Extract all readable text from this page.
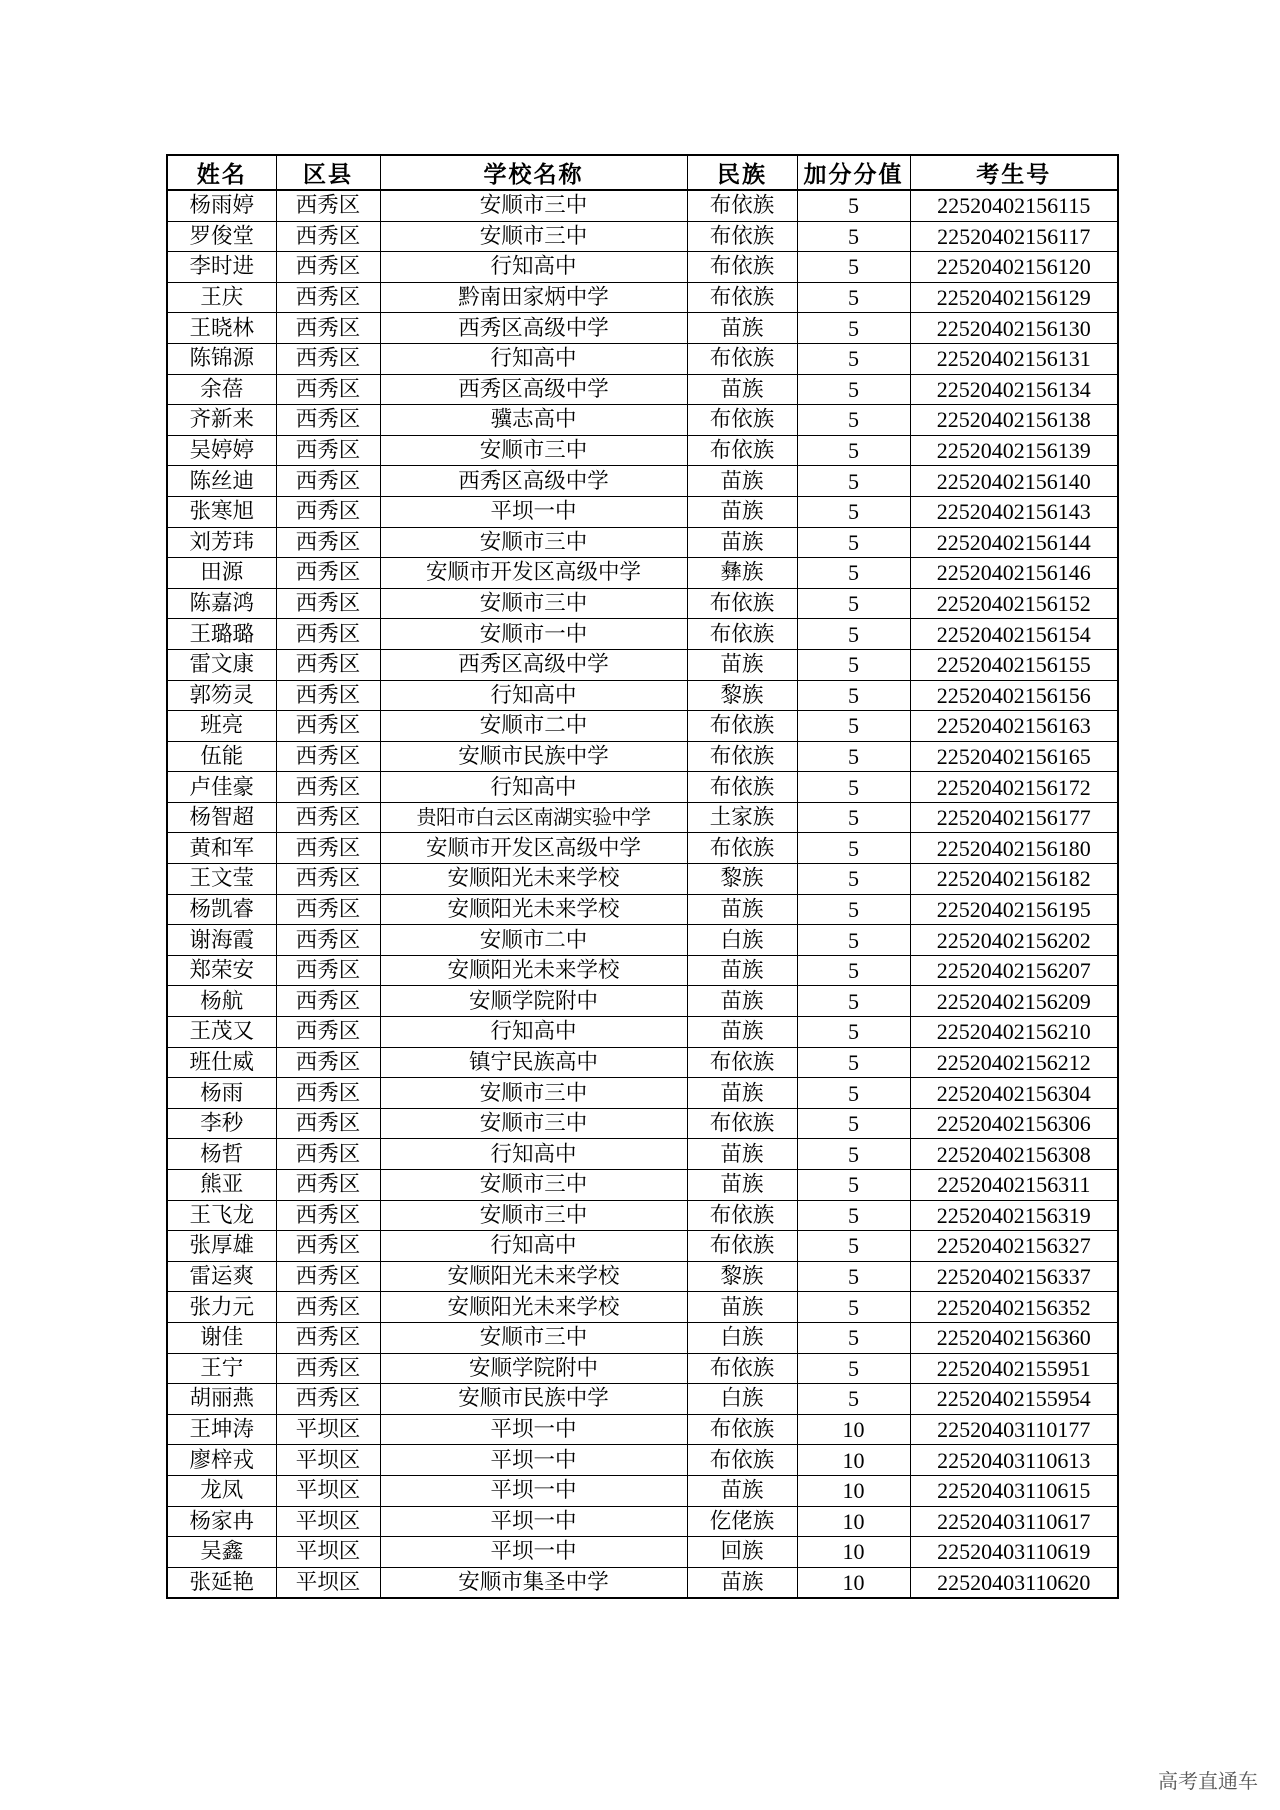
姓名	区县	学校名称	民族	加分分值	考生号
杨雨婷	西秀区	安顺市三中	布依族	5	22520402156115
罗俊堂	西秀区	安顺市三中	布依族	5	22520402156117
李时进	西秀区	行知高中	布依族	5	22520402156120
王庆	西秀区	黔南田家炳中学	布依族	5	22520402156129
王晓林	西秀区	西秀区高级中学	苗族	5	22520402156130
陈锦源	西秀区	行知高中	布依族	5	22520402156131
余蓓	西秀区	西秀区高级中学	苗族	5	22520402156134
齐新来	西秀区	骥志高中	布依族	5	22520402156138
吴婷婷	西秀区	安顺市三中	布依族	5	22520402156139
陈丝迪	西秀区	西秀区高级中学	苗族	5	22520402156140
张寒旭	西秀区	平坝一中	苗族	5	22520402156143
刘芳玮	西秀区	安顺市三中	苗族	5	22520402156144
田源	西秀区	安顺市开发区高级中学	彝族	5	22520402156146
陈嘉鸿	西秀区	安顺市三中	布依族	5	22520402156152
王璐璐	西秀区	安顺市一中	布依族	5	22520402156154
雷文康	西秀区	西秀区高级中学	苗族	5	22520402156155
郭笏灵	西秀区	行知高中	黎族	5	22520402156156
班亮	西秀区	安顺市二中	布依族	5	22520402156163
伍能	西秀区	安顺市民族中学	布依族	5	22520402156165
卢佳豪	西秀区	行知高中	布依族	5	22520402156172
杨智超	西秀区	贵阳市白云区南湖实验中学	土家族	5	22520402156177
黄和军	西秀区	安顺市开发区高级中学	布依族	5	22520402156180
王文莹	西秀区	安顺阳光未来学校	黎族	5	22520402156182
杨凯睿	西秀区	安顺阳光未来学校	苗族	5	22520402156195
谢海霞	西秀区	安顺市二中	白族	5	22520402156202
郑荣安	西秀区	安顺阳光未来学校	苗族	5	22520402156207
杨航	西秀区	安顺学院附中	苗族	5	22520402156209
王茂又	西秀区	行知高中	苗族	5	22520402156210
班仕威	西秀区	镇宁民族高中	布依族	5	22520402156212
杨雨	西秀区	安顺市三中	苗族	5	22520402156304
李秒	西秀区	安顺市三中	布依族	5	22520402156306
杨哲	西秀区	行知高中	苗族	5	22520402156308
熊亚	西秀区	安顺市三中	苗族	5	22520402156311
王飞龙	西秀区	安顺市三中	布依族	5	22520402156319
张厚雄	西秀区	行知高中	布依族	5	22520402156327
雷运爽	西秀区	安顺阳光未来学校	黎族	5	22520402156337
张力元	西秀区	安顺阳光未来学校	苗族	5	22520402156352
谢佳	西秀区	安顺市三中	白族	5	22520402156360
王宁	西秀区	安顺学院附中	布依族	5	22520402155951
胡丽燕	西秀区	安顺市民族中学	白族	5	22520402155954
王坤涛	平坝区	平坝一中	布依族	10	22520403110177
廖梓戎	平坝区	平坝一中	布依族	10	22520403110613
龙凤	平坝区	平坝一中	苗族	10	22520403110615
杨家冉	平坝区	平坝一中	仡佬族	10	22520403110617
吴鑫	平坝区	平坝一中	回族	10	22520403110619
张延艳	平坝区	安顺市集圣中学	苗族	10	22520403110620
高考直通车
